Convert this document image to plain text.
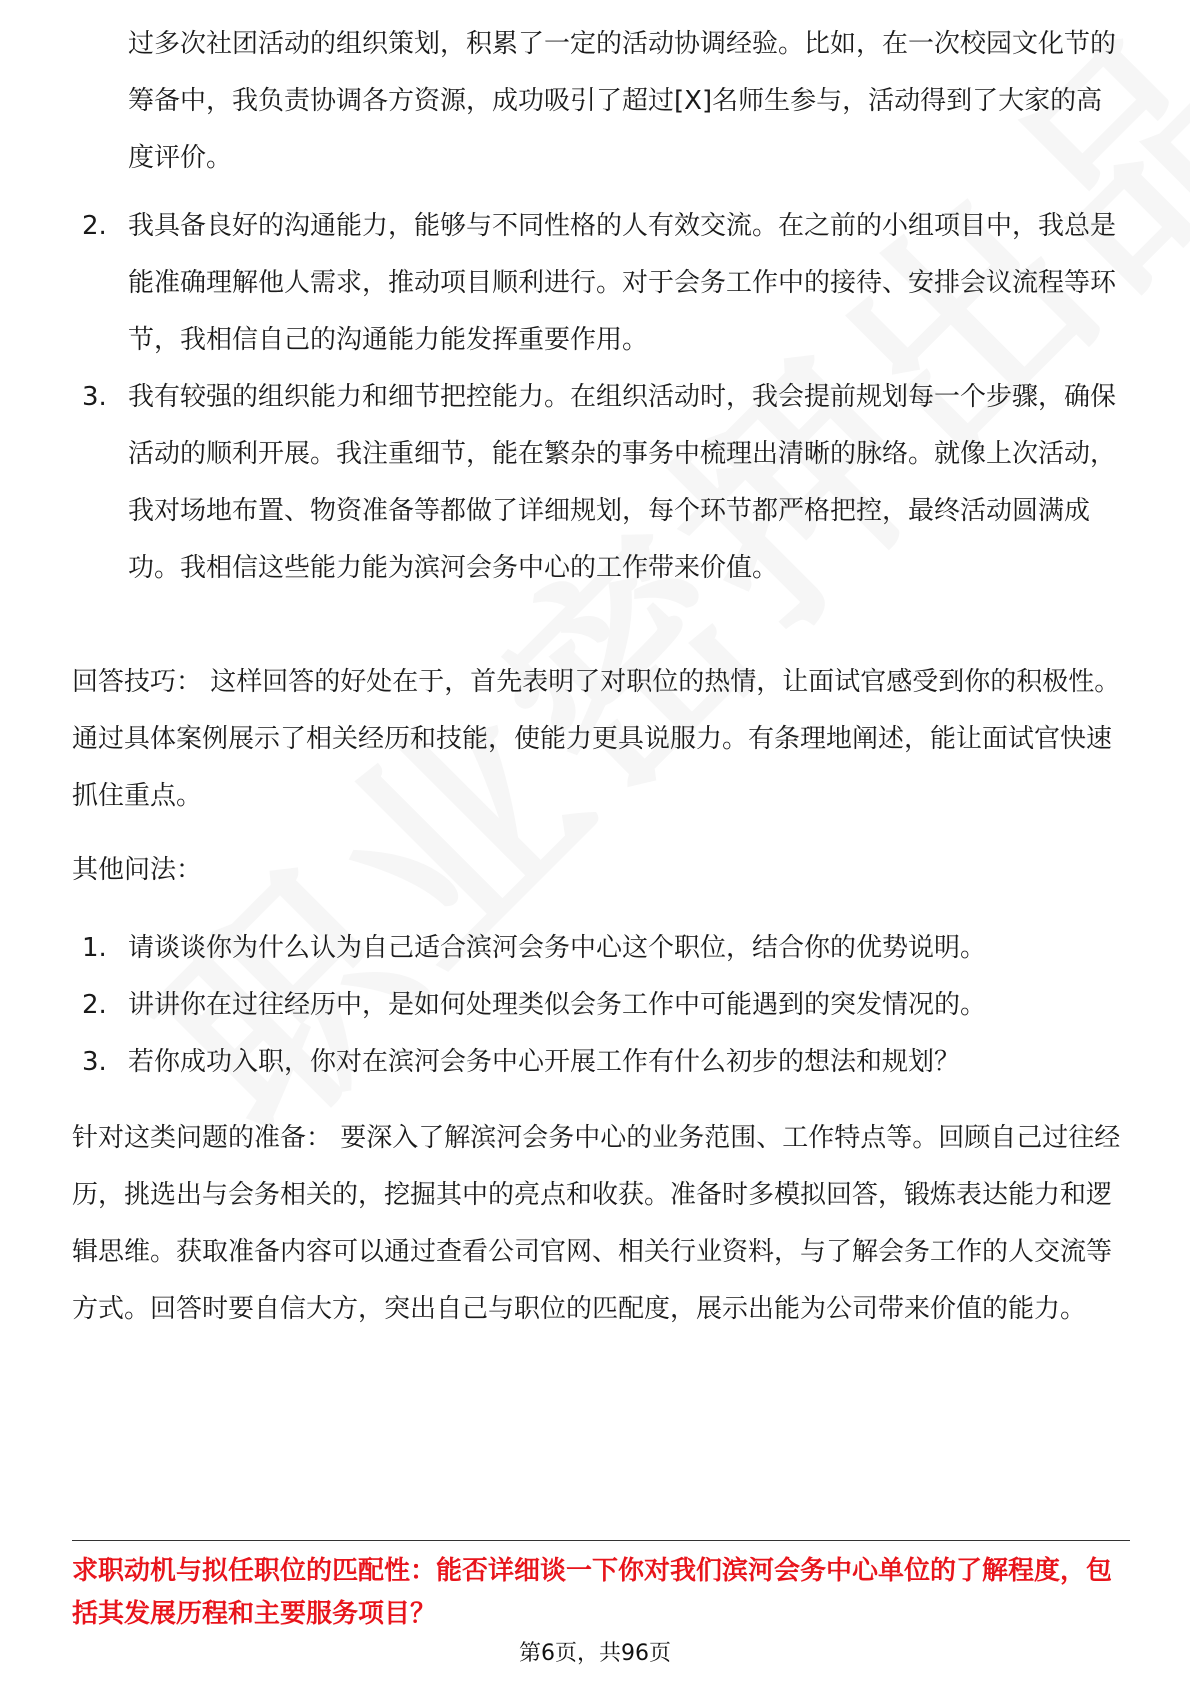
过多次社团活动的组织策划，积累了一定的活动协调经验。比如，在一次校园文化节的筹备中，我负责协调各方资源，成功吸引了超过[X]名师生参与，活动得到了大家的高度评价。
2. 我具备良好的沟通能力，能够与不同性格的人有效交流。在之前的小组项目中，我总是能准确理解他人需求，推动项目顺利进行。对于会务工作中的接待、安排会议流程等环节，我相信自己的沟通能力能发挥重要作用。
3. 我有较强的组织能力和细节把控能力。在组织活动时，我会提前规划每一个步骤，确保活动的顺利开展。我注重细节，能在繁杂的事务中梳理出清晰的脉络。就像上次活动，我对场地布置、物资准备等都做了详细规划，每个环节都严格把控，最终活动圆满成功。我相信这些能力能为滨河会务中心的工作带来价值。
回答技巧： 这样回答的好处在于，首先表明了对职位的热情，让面试官感受到你的积极性。通过具体案例展示了相关经历和技能，使能力更具说服力。有条理地阐述，能让面试官快速抓住重点。
其他问法：
1. 请谈谈你为什么认为自己适合滨河会务中心这个职位，结合你的优势说明。
2. 讲讲你在过往经历中，是如何处理类似会务工作中可能遇到的突发情况的。
3. 若你成功入职，你对在滨河会务中心开展工作有什么初步的想法和规划？
针对这类问题的准备： 要深入了解滨河会务中心的业务范围、工作特点等。回顾自己过往经历，挑选出与会务相关的，挖掘其中的亮点和收获。准备时多模拟回答，锻炼表达能力和逻辑思维。获取准备内容可以通过查看公司官网、相关行业资料，与了解会务工作的人交流等方式。回答时要自信大方，突出自己与职位的匹配度，展示出能为公司带来价值的能力。
求职动机与拟任职位的匹配性：能否详细谈一下你对我们滨河会务中心单位的了解程度，包括其发展历程和主要服务项目？
第6页，共96页
